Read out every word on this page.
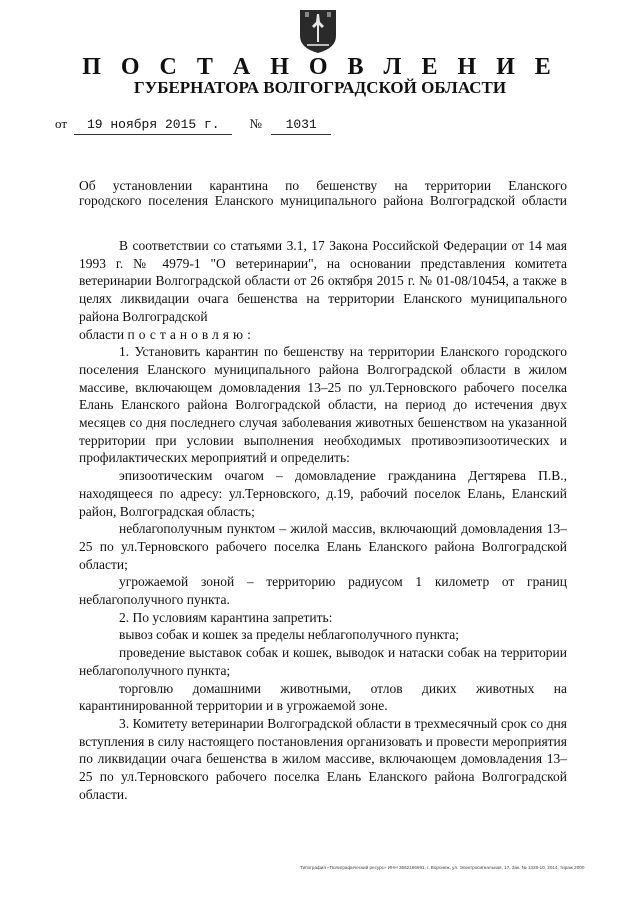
П О С Т А Н О В Л Е Н И Е
ГУБЕРНАТОРА ВОЛГОГРАДСКОЙ ОБЛАСТИ
от 19 ноября 2015 г. № 1031
Об установлении карантина по бешенству на территории Еланского
городского поселения Еланского муниципального района Волгоградской области

В соответствии со статьями 3.1, 17 Закона Российской Федерации от 14 мая 1993 г. № 4979-1 "О ветеринарии", на основании представления комитета ветеринарии Волгоградской области от 26 октября 2015 г. № 01-08/10454, а также в целях ликвидации очага бешенства на территории Еланского муниципального района Волгоградской

области постановляю:

1. Установить карантин по бешенству на территории Еланского городского поселения Еланского муниципального района Волгоградской области в жилом массиве, включающем домовладения 13–25 по ул.Терновского рабочего поселка Елань Еланского района Волгоградской области, на период до истечения двух месяцев со дня последнего случая заболевания животных бешенством на указанной территории при условии выполнения необходимых противоэпизоотических и профилактических мероприятий и определить:

эпизоотическим очагом – домовладение гражданина Дегтярева П.В., находящееся по адресу: ул.Терновского, д.19, рабочий поселок Елань, Еланский район, Волгоградская область;

неблагополучным пунктом – жилой массив, включающий домовладения 13–25 по ул.Терновского рабочего поселка Елань Еланского района Волгоградской области;

угрожаемой зоной – территорию радиусом 1 километр от границ неблагополучного пункта.

2. По условиям карантина запретить:

вывоз собак и кошек за пределы неблагополучного пункта;

проведение выставок собак и кошек, выводок и натаски собак на территории неблагополучного пункта;

торговлю домашними животными, отлов диких животных на карантинированной территории и в угрожаемой зоне.

3. Комитету ветеринарии Волгоградской области в трехмесячный срок со дня вступления в силу настоящего постановления организовать и провести мероприятия по ликвидации очага бешенства в жилом массиве, включающем домовладения 13–25 по ул.Терновского рабочего поселка Елань Еланского района Волгоградской области.

Типография «Полиграфический ресурс» ИНН 3662166691, г. Воронеж, ул. Электросигнальная, 17, Зак. № 1328-10, 2014, тираж 2000
